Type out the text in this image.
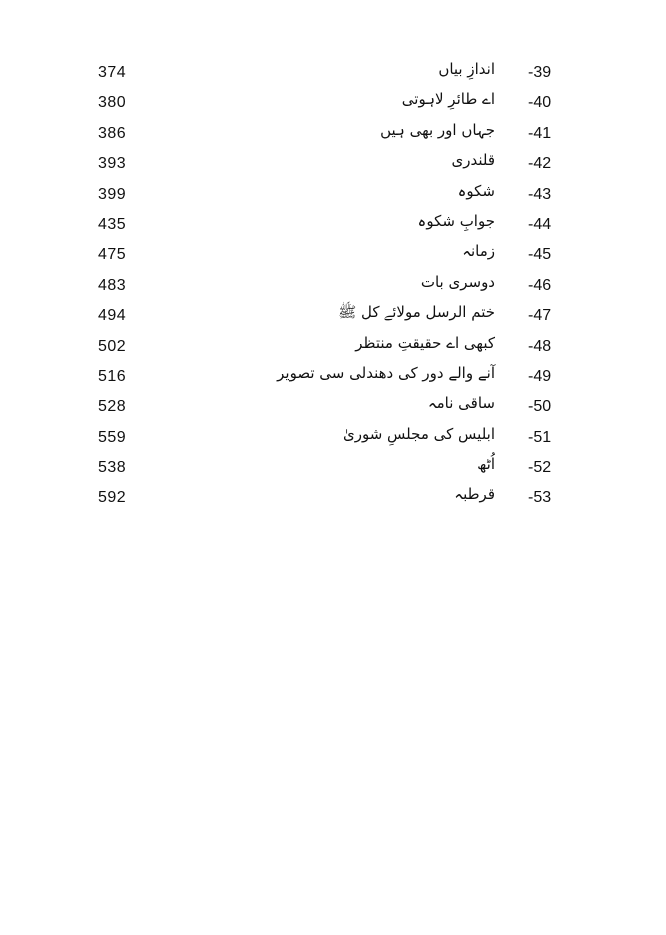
374	اندازِ بیاں -39
380	اے طائرِ لاہوتی -40
386	جہاں اور بھی ہیں -41
393	قلندری -42
399	شکوہ -43
435	جوابِ شکوہ -44
475	زمانہ -45
483	دوسری بات -46
494	ختم الرسل مولائے کل ﷺ -47
502	کبھی اے حقیقتِ منتظر -48
516	آنے والے دور کی دھندلی سی تصویر -49
528	ساقی نامہ -50
559	ابلیس کی مجلسِ شوریٰ -51
538	اُٹھ -52
592	قرطبہ -53
